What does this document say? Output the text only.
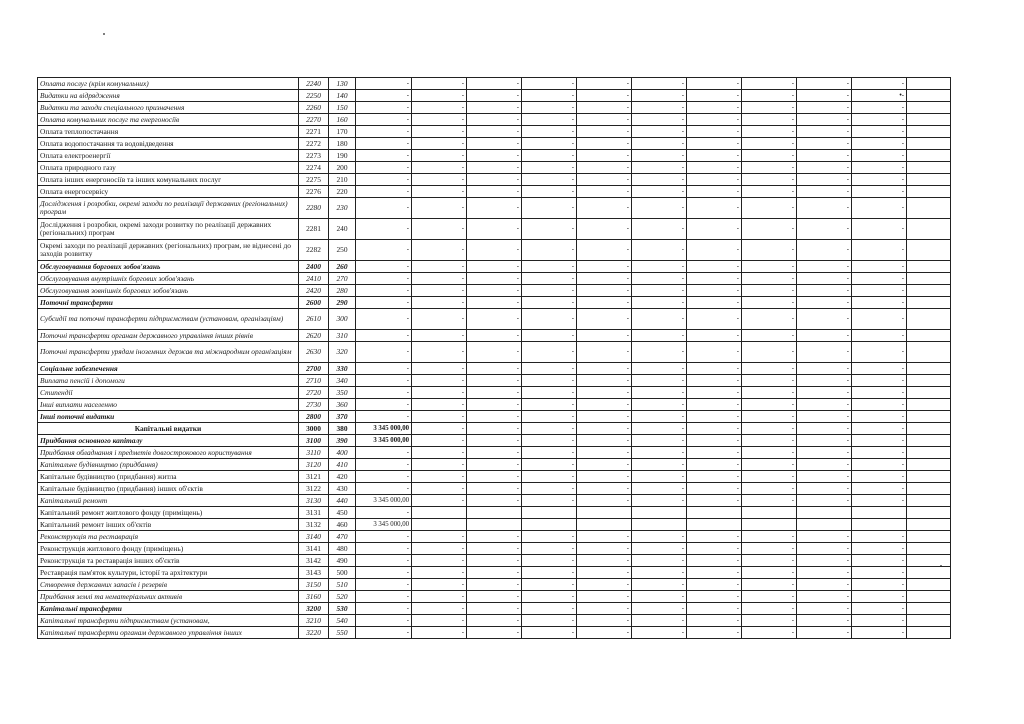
Оплата послуг (крім комунальних)	2240	130	-	-	-	-	-	-	-	-	-	-	
Видатки на відрядження	2250	140	-	-	-	-	-	-	-	-	-	•-	
Видатки та заходи спеціального призначення	2260	150	-	-	-	-	-	-	-	-	-	-	
Оплата комунальних послуг та енергоносіїв	2270	160	-	-	-	-	-	-	-	-	-	-	
Оплата теплопостачання	2271	170	-	-	-	-	-	-	-	-	-	-	
Оплата водопостачання та водовідведення	2272	180	-	-	-	-	-	-	-	-	-	-	
Оплата електроенергії	2273	190	-	-	-	-	-	-	-	-	-	-	
Оплата природного газу	2274	200	-	-	-	-	-	-	-	-	-	-	
Оплата інших енергоносіїв та інших комунальних послуг	2275	210	-	-	-	-	-	-	-	-	-	-	
Оплата енергосервісу	2276	220	-	-	-	-	-	-	-	-	-	-	
Дослідження і розробки, окремі заходи по реалізації державних (регіональних) програм	2280	230	-	-	-	-	-	-	-	-	-	-	
Дослідження і розробки, окремі заходи розвитку по реалізації державних (регіональних) програм	2281	240	-	-	-	-	-	-	-	-	-	-	
Окремі заходи по реалізації державних (регіональних) програм, не віднесені до заходів розвитку	2282	250	-	-	-	-	-	-	-	-	-	-	
Обслуговування боргових зобов'язань	2400	260	-	-	-	-	-	-	-	-	-	-	
Обслуговування внутрішніх боргових зобов'язань	2410	270	-	-	-	-	-	-	-	-	-	-	
Обслуговування зовнішніх боргових зобов'язань	2420	280	-	-	-	-	-	-	-	-	-	-	
Поточні трансферти	2600	290	-	-	-	-	-	-	-	-	-	-	
Субсидії та поточні трансферти підприємствам (установам, організаціям)	2610	300	-	-	-	-	-	-	-	-	-	-	
Поточні трансферти органам державного управління інших рівнів	2620	310	-	-	-	-	-	-	-	-	-	-	
Поточні трансферти урядам іноземних держав та міжнародним організаціям	2630	320	-	-	-	-	-	-	-	-	-	-	
Соціальне забезпечення	2700	330	-	-	-	-	-	-	-	-	-	-	
Виплата пенсій і допомоги	2710	340	-	-	-	-	-	-	-	-	-	-	
Стипендії	2720	350	-	-	-	-	-	-	-	-	-	-	
Інші виплати населенню	2730	360	-	-	-	-	-	-	-	-	-	-	
Інші поточні видатки	2800	370	-	-	-	-	-	-	-	-	-	-	
Капітальні видатки	3000	380	3 345 000,00	-	-	-	-	-	-	-	-	-	
Придбання основного капіталу	3100	390	3 345 000,00	-	-	-	-	-	-	-	-	-	
Придбання обладнання і предметів довгострокового користування	3110	400	-	-	-	-	-	-	-	-	-	-	
Капітальне будівництво (придбання)	3120	410	-	-	-	-	-	-	-	-	-	-	
Капітальне будівництво (придбання) житла	3121	420	-	-	-	-	-	-	-	-	-	-	
Капітальне будівництво (придбання) інших об'єктів	3122	430	-	-	-	-	-	-	-	-	-	-	
Капітальний ремонт	3130	440	3 345 000,00	-	-	-	-	-	-	-	-	-	
Капітальний ремонт житлового фонду (приміщень)	3131	450	-										
Капітальний ремонт інших об'єктів	3132	460	3 345 000,00										
Реконструкція та реставрація	3140	470	-	-	-	-	-	-	-	-	-	-	
Реконструкція житлового фонду (приміщень)	3141	480	-	-	-	-	-	-	-	-	-	-	
Реконструкція та реставрація інших об'єктів	3142	490	-	-	-	-	-	-	-	-	-	-	
Реставрація пам'яток культури, історії та архітектури	3143	500	-	-	-	-	-	-	-	-	-	-	
Створення державних запасів і резервів	3150	510	-	-	-	-	-	-	-	-	-	-	
Придбання землі та нематеріальних активів	3160	520	-	-	-	-	-	-	-	-	-	-	
Капітальні трансферти	3200	530	-	-	-	-	-	-	-	-	-	-	
Капітальні трансферти підприємствам (установам,	3210	540	-	-	-	-	-	-	-	-	-	-	
Капітальні трансферти органам державного управління інших	3220	550	-	-	-	-	-	-	-	-	-	-	
